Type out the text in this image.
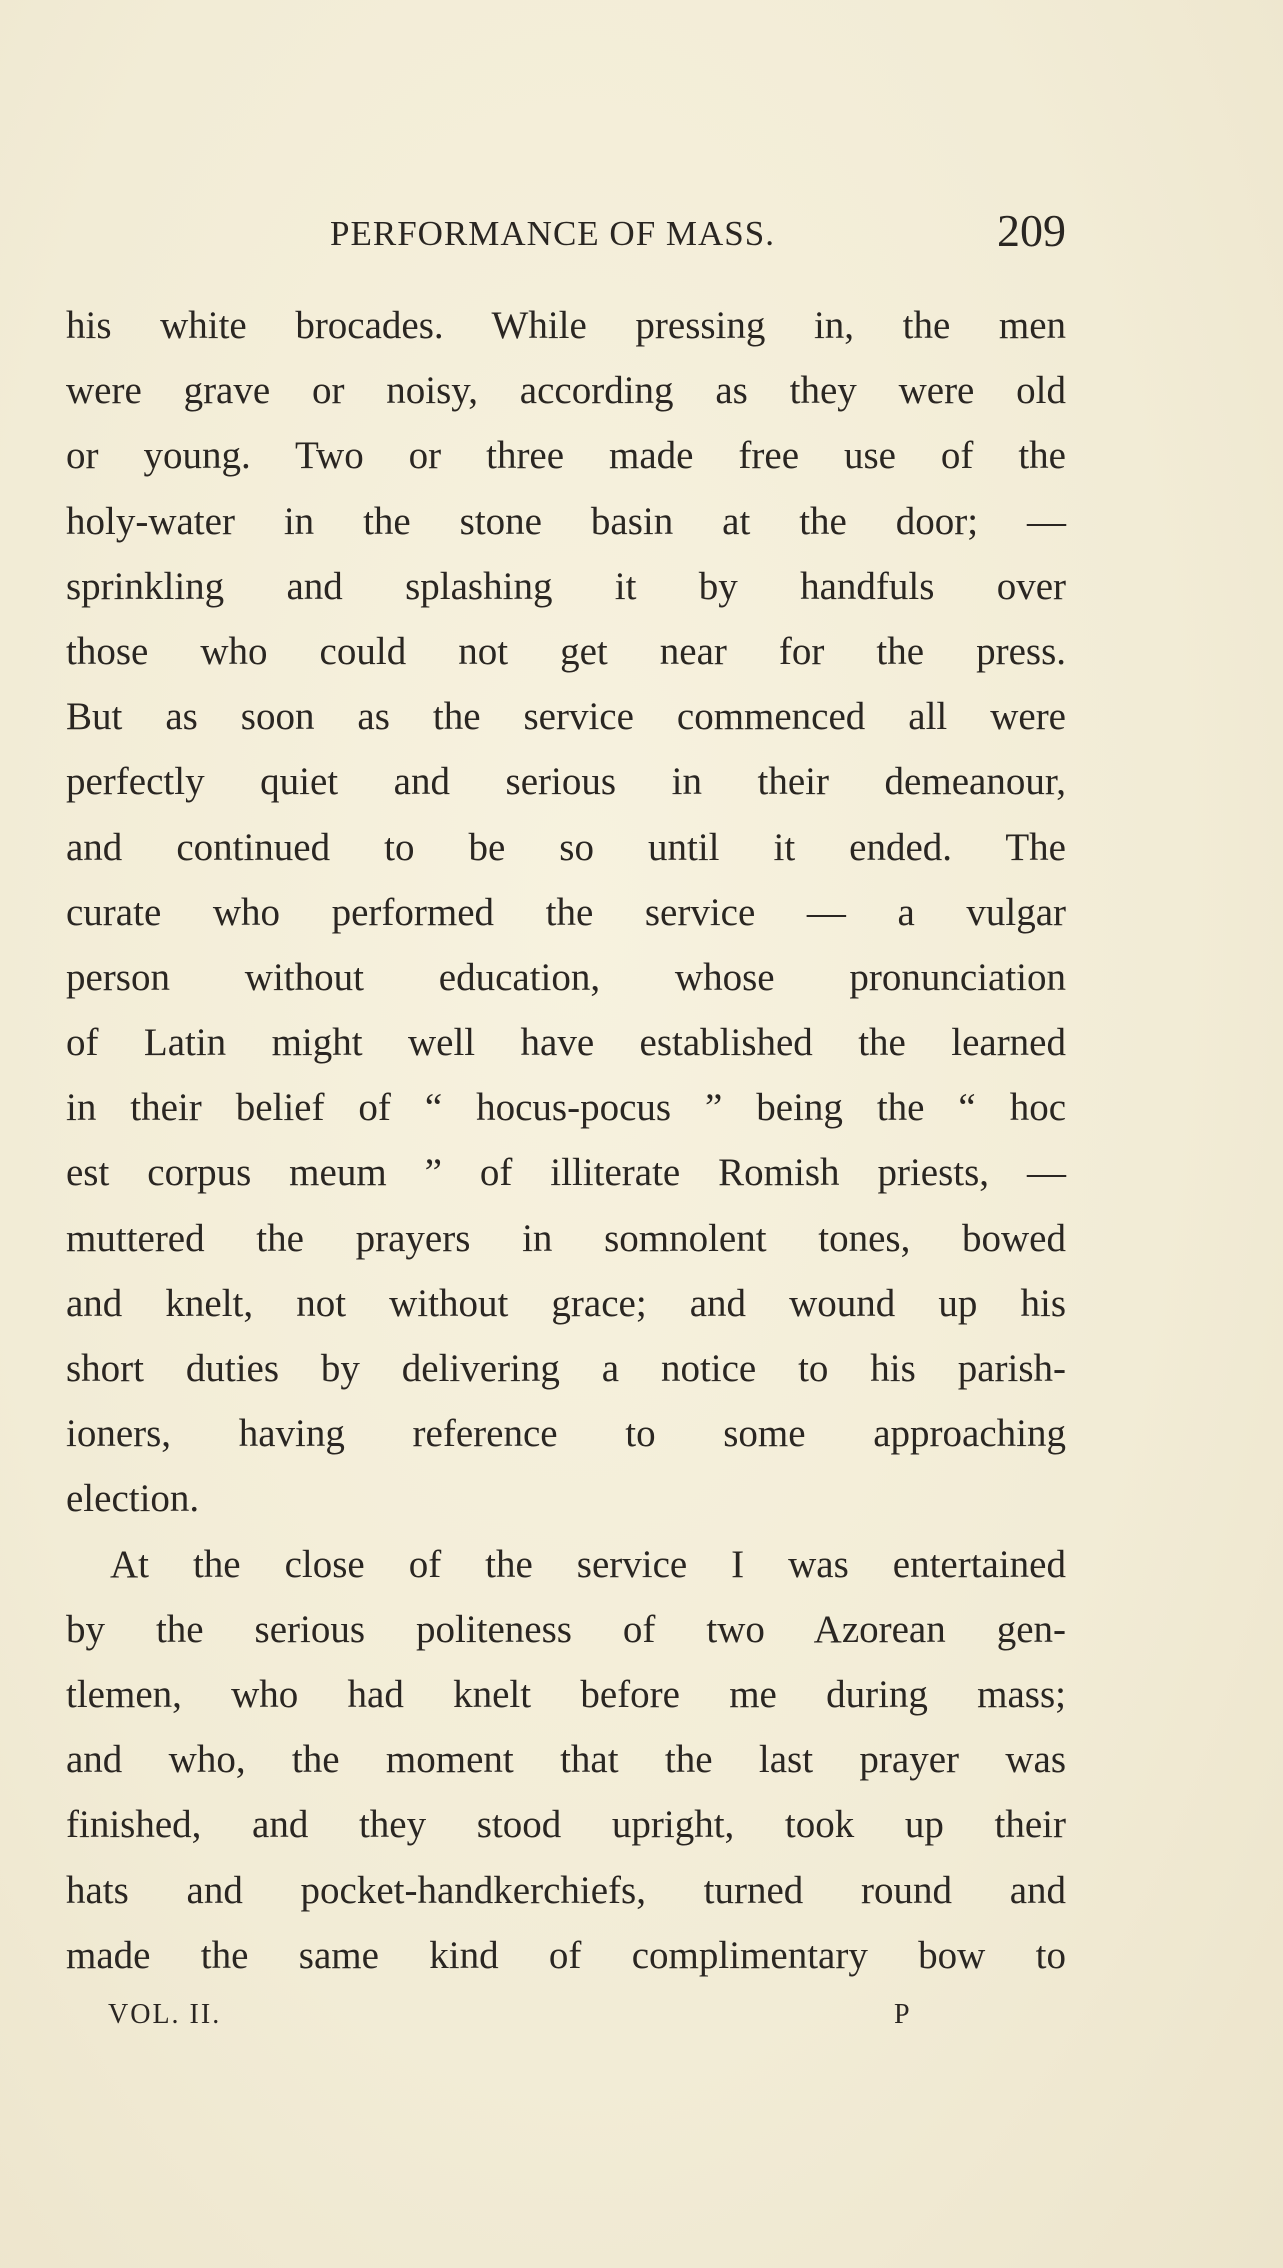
PERFORMANCE OF MASS.	209
his white brocades. While pressing in, the men
were grave or noisy, according as they were old
or young. Two or three made free use of the
holy-water in the stone basin at the door; —
sprinkling and splashing it by handfuls over
those who could not get near for the press.
But as soon as the service commenced all were
perfectly quiet and serious in their demeanour,
and continued to be so until it ended. The
curate who performed the service — a vulgar
person without education, whose pronunciation
of Latin might well have established the learned
in their belief of “ hocus-pocus ” being the “ hoc
est corpus meum ” of illiterate Romish priests, —
muttered the prayers in somnolent tones, bowed
and knelt, not without grace; and wound up his
short duties by delivering a notice to his parish-
ioners, having reference to some approaching
election.
At the close of the service I was entertained
by the serious politeness of two Azorean gen-
tlemen, who had knelt before me during mass;
and who, the moment that the last prayer was
finished, and they stood upright, took up their
hats and pocket-handkerchiefs, turned round and
made the same kind of complimentary bow to
VOL. II.	P
